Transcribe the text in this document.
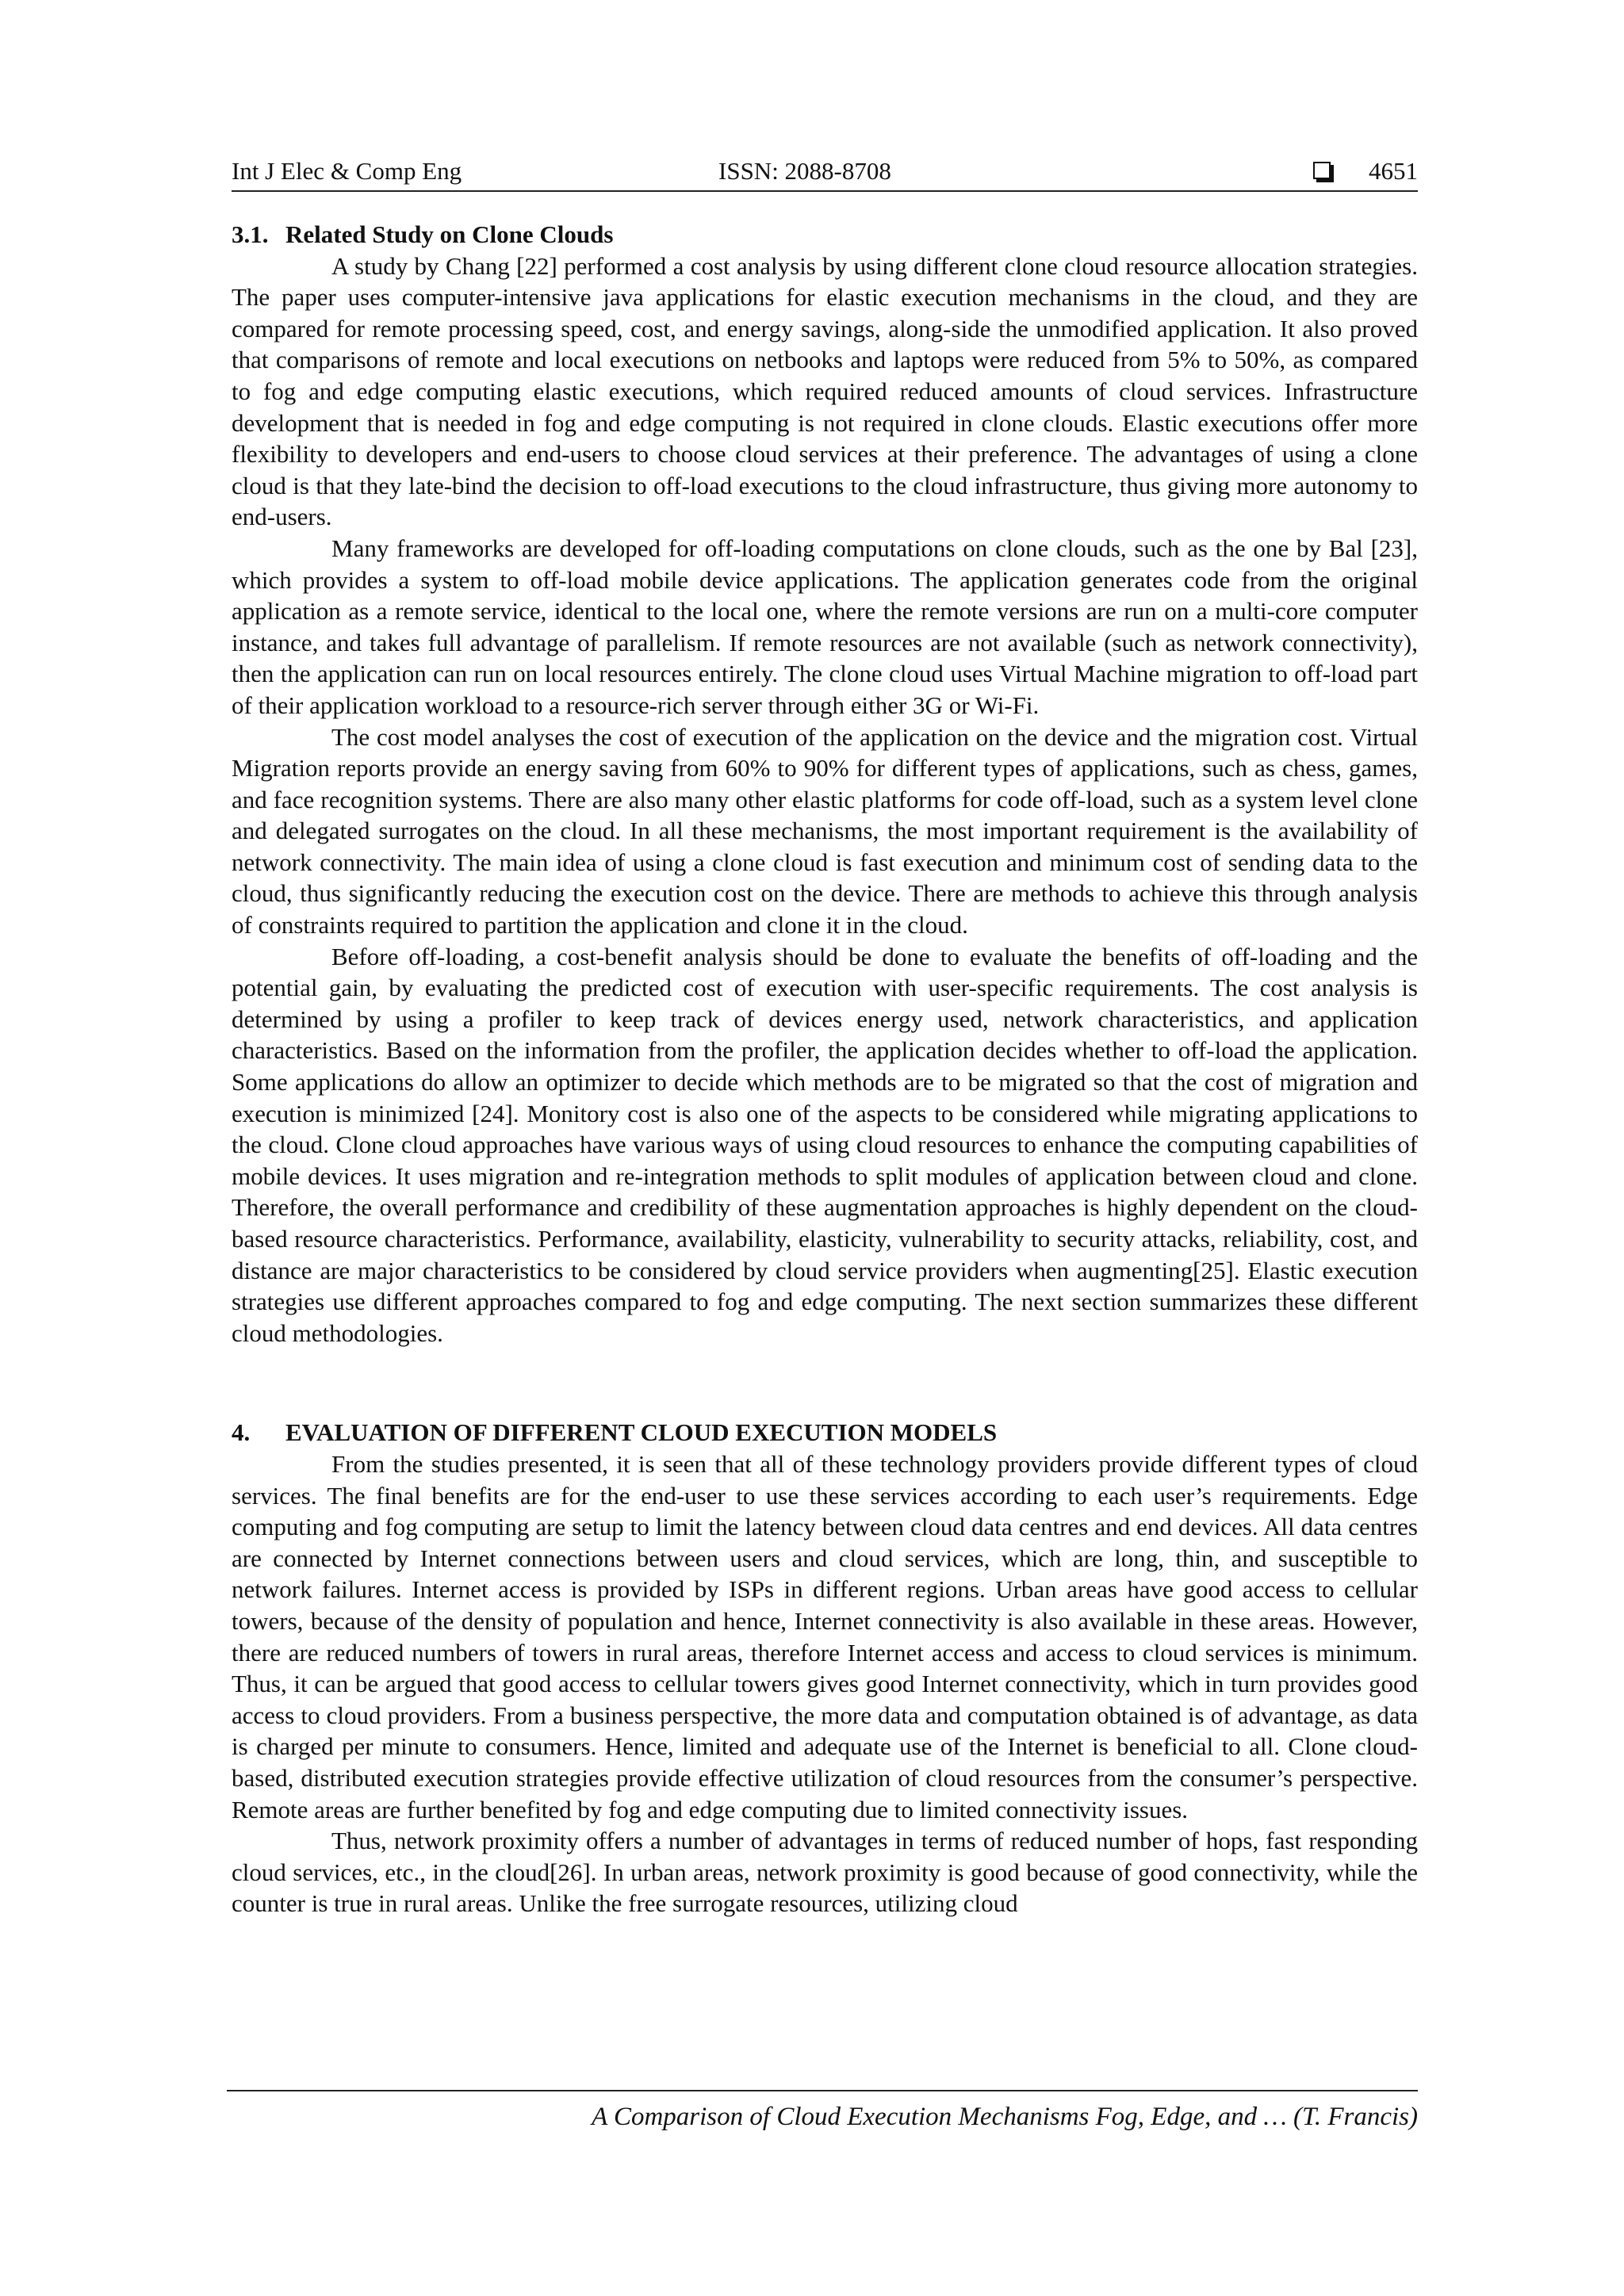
Int J Elec & Comp Eng	ISSN: 2088-8708	4651
3.1. Related Study on Clone Clouds

A study by Chang [22] performed a cost analysis by using different clone cloud resource allocation strategies. The paper uses computer-intensive java applications for elastic execution mechanisms in the cloud, and they are compared for remote processing speed, cost, and energy savings, along-side the unmodified application. It also proved that comparisons of remote and local executions on netbooks and laptops were reduced from 5% to 50%, as compared to fog and edge computing elastic executions, which required reduced amounts of cloud services. Infrastructure development that is needed in fog and edge computing is not required in clone clouds. Elastic executions offer more flexibility to developers and end-users to choose cloud services at their preference. The advantages of using a clone cloud is that they late-bind the decision to off-load executions to the cloud infrastructure, thus giving more autonomy to end-users.

Many frameworks are developed for off-loading computations on clone clouds, such as the one by Bal [23], which provides a system to off-load mobile device applications. The application generates code from the original application as a remote service, identical to the local one, where the remote versions are run on a multi-core computer instance, and takes full advantage of parallelism. If remote resources are not available (such as network connectivity), then the application can run on local resources entirely. The clone cloud uses Virtual Machine migration to off-load part of their application workload to a resource-rich server through either 3G or Wi-Fi.

The cost model analyses the cost of execution of the application on the device and the migration cost. Virtual Migration reports provide an energy saving from 60% to 90% for different types of applications, such as chess, games, and face recognition systems. There are also many other elastic platforms for code off-load, such as a system level clone and delegated surrogates on the cloud. In all these mechanisms, the most important requirement is the availability of network connectivity. The main idea of using a clone cloud is fast execution and minimum cost of sending data to the cloud, thus significantly reducing the execution cost on the device. There are methods to achieve this through analysis of constraints required to partition the application and clone it in the cloud.

Before off-loading, a cost-benefit analysis should be done to evaluate the benefits of off-loading and the potential gain, by evaluating the predicted cost of execution with user-specific requirements. The cost analysis is determined by using a profiler to keep track of devices energy used, network characteristics, and application characteristics. Based on the information from the profiler, the application decides whether to off-load the application. Some applications do allow an optimizer to decide which methods are to be migrated so that the cost of migration and execution is minimized [24]. Monitory cost is also one of the aspects to be considered while migrating applications to the cloud. Clone cloud approaches have various ways of using cloud resources to enhance the computing capabilities of mobile devices. It uses migration and re-integration methods to split modules of application between cloud and clone. Therefore, the overall performance and credibility of these augmentation approaches is highly dependent on the cloud-based resource characteristics. Performance, availability, elasticity, vulnerability to security attacks, reliability, cost, and distance are major characteristics to be considered by cloud service providers when augmenting[25]. Elastic execution strategies use different approaches compared to fog and edge computing. The next section summarizes these different cloud methodologies.

4. EVALUATION OF DIFFERENT CLOUD EXECUTION MODELS

From the studies presented, it is seen that all of these technology providers provide different types of cloud services. The final benefits are for the end-user to use these services according to each user’s requirements. Edge computing and fog computing are setup to limit the latency between cloud data centres and end devices. All data centres are connected by Internet connections between users and cloud services, which are long, thin, and susceptible to network failures. Internet access is provided by ISPs in different regions. Urban areas have good access to cellular towers, because of the density of population and hence, Internet connectivity is also available in these areas. However, there are reduced numbers of towers in rural areas, therefore Internet access and access to cloud services is minimum. Thus, it can be argued that good access to cellular towers gives good Internet connectivity, which in turn provides good access to cloud providers. From a business perspective, the more data and computation obtained is of advantage, as data is charged per minute to consumers. Hence, limited and adequate use of the Internet is beneficial to all. Clone cloud-based, distributed execution strategies provide effective utilization of cloud resources from the consumer’s perspective. Remote areas are further benefited by fog and edge computing due to limited connectivity issues.

Thus, network proximity offers a number of advantages in terms of reduced number of hops, fast responding cloud services, etc., in the cloud[26]. In urban areas, network proximity is good because of good connectivity, while the counter is true in rural areas. Unlike the free surrogate resources, utilizing cloud

A Comparison of Cloud Execution Mechanisms Fog, Edge, and … (T. Francis)
